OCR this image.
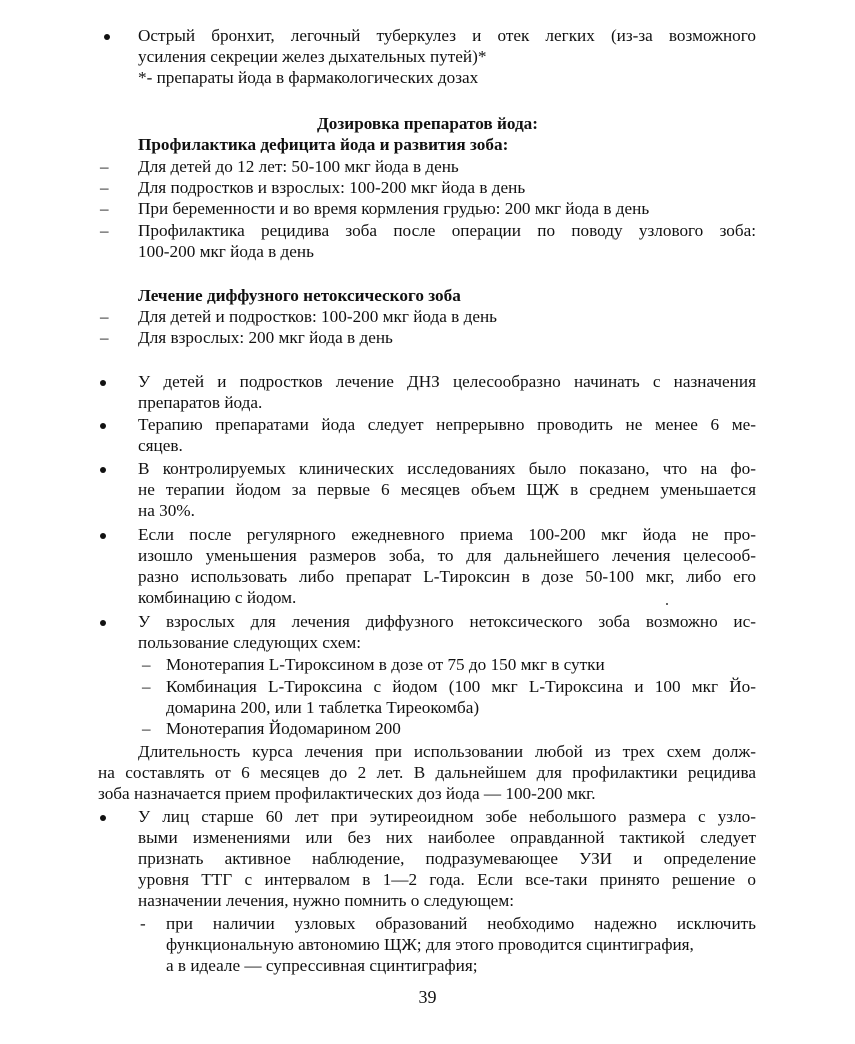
Острый бронхит, легочный туберкулез и отек легких (из-за возможного
усиления секреции желез дыхательных путей)*
*- препараты йода в фармакологических дозах
Дозировка препаратов йода:
Профилактика дефицита йода и развития зоба:
– Для детей до 12 лет: 50-100 мкг йода в день
– Для подростков и взрослых: 100-200 мкг йода в день
– При беременности и во время кормления грудью: 200 мкг йода в день
– Профилактика рецидива зоба после операции по поводу узлового зоба:
100-200 мкг йода в день
Лечение диффузного нетоксического зоба
– Для детей и подростков: 100-200 мкг йода в день
– Для взрослых: 200 мкг йода в день
У детей и подростков лечение ДНЗ целесообразно начинать с назначения
препаратов йода.
Терапию препаратами йода следует непрерывно проводить не менее 6 ме-
сяцев.
В контролируемых клинических исследованиях было показано, что на фо-
не терапии йодом за первые 6 месяцев объем ЩЖ в среднем уменьшается
на 30%.
Если после регулярного ежедневного приема 100-200 мкг йода не про-
изошло уменьшения размеров зоба, то для дальнейшего лечения целесооб-
разно использовать либо препарат L-Тироксин в дозе 50-100 мкг, либо его
комбинацию с йодом.
У взрослых для лечения диффузного нетоксического зоба возможно ис-
пользование следующих схем:
– Монотерапия L-Тироксином в дозе от 75 до 150 мкг в сутки
– Комбинация L-Тироксина с йодом (100 мкг L-Тироксина и 100 мкг Йо-
домарина 200, или 1 таблетка Тиреокомба)
– Монотерапия Йодомарином 200
Длительность курса лечения при использовании любой из трех схем долж-
на составлять от 6 месяцев до 2 лет. В дальнейшем для профилактики рецидива
зоба назначается прием профилактических доз йода — 100-200 мкг.
У лиц старше 60 лет при эутиреоидном зобе небольшого размера с узло-
выми изменениями или без них наиболее оправданной тактикой следует
признать активное наблюдение, подразумевающее УЗИ и определение
уровня ТТГ с интервалом в 1—2 года. Если все-таки принято решение о
назначении лечения, нужно помнить о следующем:
- при наличии узловых образований необходимо надежно исключить
функциональную автономию ЩЖ; для этого проводится сцинтиграфия,
а в идеале — супрессивная сцинтиграфия;
39
